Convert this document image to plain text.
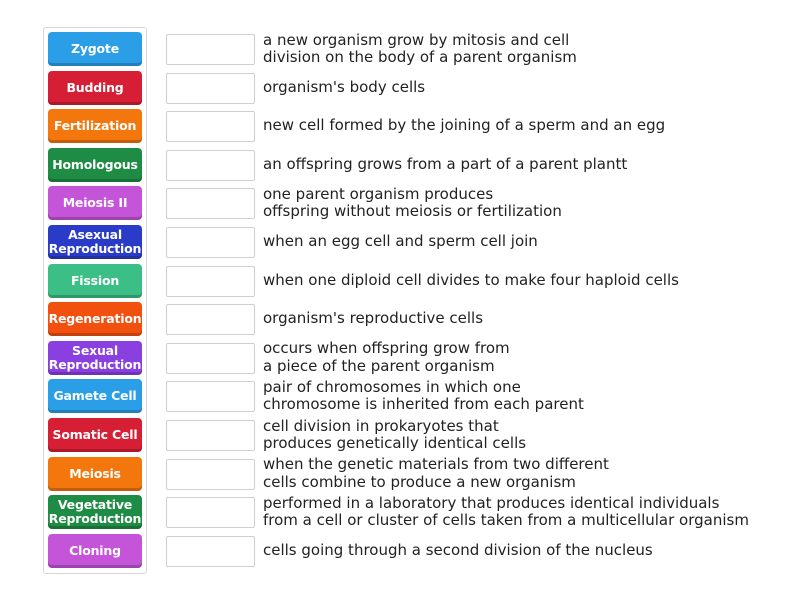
Zygote
Budding
Fertilization
Homologous
Meiosis II
Asexual Reproduction
Fission
Regeneration
Sexual Reproduction
Gamete Cell
Somatic Cell
Meiosis
Vegetative Reproduction
Cloning
a new organism grow by mitosis and cell
division on the body of a parent organism
organism's body cells
new cell formed by the joining of a sperm and an egg
an offspring grows from a part of a parent plantt
one parent organism produces
offspring without meiosis or fertilization
when an egg cell and sperm cell join
when one diploid cell divides to make four haploid cells
organism's reproductive cells
occurs when offspring grow from
a piece of the parent organism
pair of chromosomes in which one
chromosome is inherited from each parent
cell division in prokaryotes that
produces genetically identical cells
when the genetic materials from two different
cells combine to produce a new organism
performed in a laboratory that produces identical individuals
from a cell or cluster of cells taken from a multicellular organism
cells going through a second division of the nucleus
